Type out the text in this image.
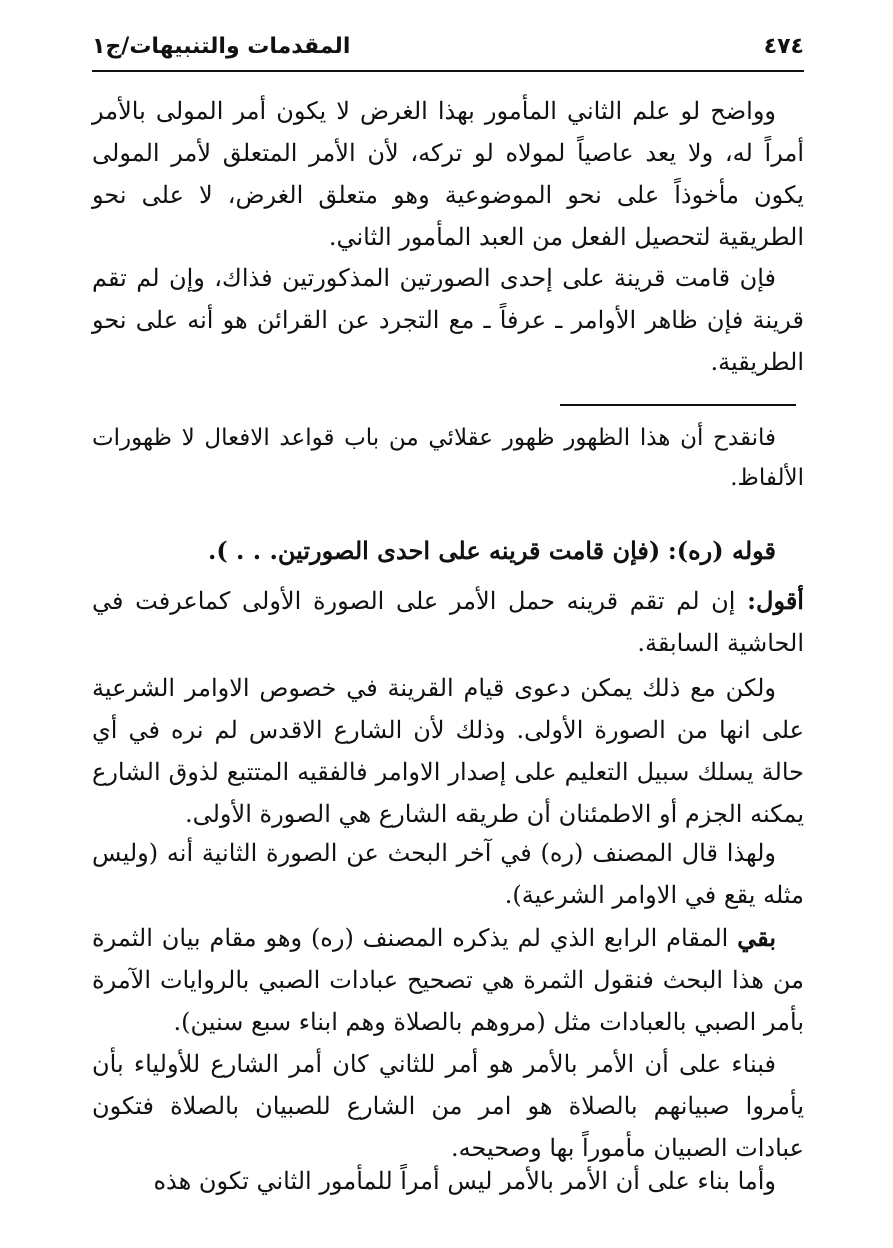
٤٧٤
المقدمات والتنبيهات/ج١

وواضح لو علم الثاني المأمور بهذا الغرض لا يكون أمر المولى بالأمر أمراً له، ولا يعد عاصياً لمولاه لو تركه، لأن الأمر المتعلق لأمر المولى يكون مأخوذاً على نحو الموضوعية وهو متعلق الغرض، لا على نحو الطريقية لتحصيل الفعل من العبد المأمور الثاني.

فإن قامت قرينة على إحدى الصورتين المذكورتين فذاك، وإن لم تقم قرينة فإن ظاهر الأوامر ـ عرفاً ـ مع التجرد عن القرائن هو أنه على نحو الطريقية.

فانقدح أن هذا الظهور ظهور عقلائي من باب قواعد الافعال لا ظهورات الألفاظ.

قوله (ره): (فإن قامت قرينه على احدى الصورتين. . . ).

أقول: إن لم تقم قرينه حمل الأمر على الصورة الأولى كماعرفت في الحاشية السابقة.

ولكن مع ذلك يمكن دعوى قيام القرينة في خصوص الاوامر الشرعية على انها من الصورة الأولى. وذلك لأن الشارع الاقدس لم نره في أي حالة يسلك سبيل التعليم على إصدار الاوامر فالفقيه المتتبع لذوق الشارع يمكنه الجزم أو الاطمئنان أن طريقه الشارع هي الصورة الأولى.

ولهذا قال المصنف (ره) في آخر البحث عن الصورة الثانية أنه (وليس مثله يقع في الاوامر الشرعية).

بقي المقام الرابع الذي لم يذكره المصنف (ره) وهو مقام بيان الثمرة من هذا البحث فنقول الثمرة هي تصحيح عبادات الصبي بالروايات الآمرة بأمر الصبي بالعبادات مثل (مروهم بالصلاة وهم ابناء سبع سنين).

فبناء على أن الأمر بالأمر هو أمر للثاني كان أمر الشارع للأولياء بأن يأمروا صبيانهم بالصلاة هو امر من الشارع للصبيان بالصلاة فتكون عبادات الصبيان مأموراً بها وصحيحه.

وأما بناء على أن الأمر بالأمر ليس أمراً للمأمور الثاني تكون هذه
